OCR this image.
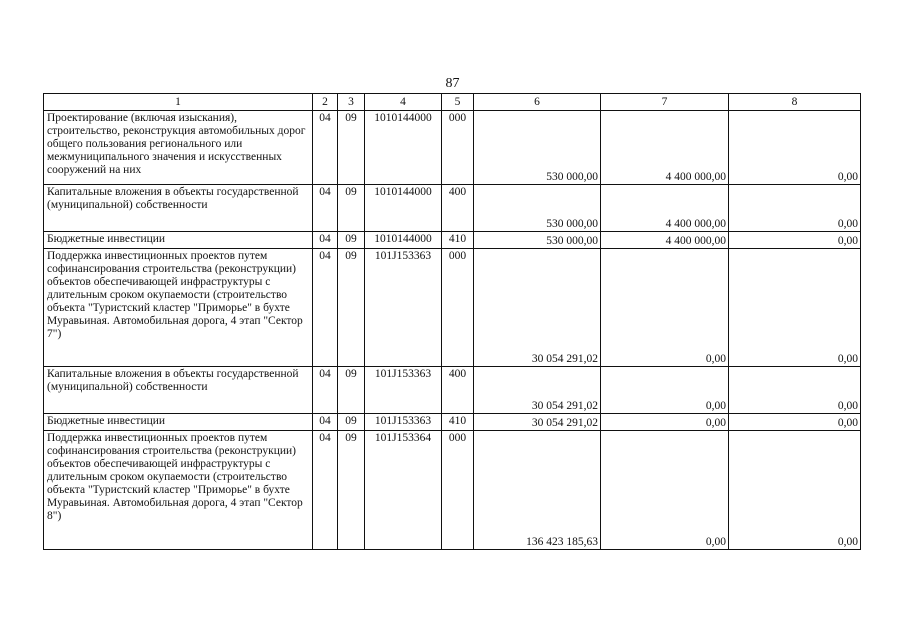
87
1	2	3	4	5	6	7	8
Проектирование (включая изыскания), строительство, реконструкция автомобильных дорог общего пользования регионального или межмуниципального значения и искусственных сооружений на них	04	09	1010144000	000	530 000,00	4 400 000,00	0,00
Капитальные вложения в объекты государственной (муниципальной) собственности	04	09	1010144000	400	530 000,00	4 400 000,00	0,00
Бюджетные инвестиции	04	09	1010144000	410	530 000,00	4 400 000,00	0,00
Поддержка инвестиционных проектов путем софинансирования строительства (реконструкции) объектов обеспечивающей инфраструктуры с длительным сроком окупаемости (строительство объекта "Туристский кластер "Приморье" в бухте Муравьиная. Автомобильная дорога, 4 этап "Сектор 7")	04	09	101J153363	000	30 054 291,02	0,00	0,00
Капитальные вложения в объекты государственной (муниципальной) собственности	04	09	101J153363	400	30 054 291,02	0,00	0,00
Бюджетные инвестиции	04	09	101J153363	410	30 054 291,02	0,00	0,00
Поддержка инвестиционных проектов путем софинансирования строительства (реконструкции) объектов обеспечивающей инфраструктуры с длительным сроком окупаемости (строительство объекта "Туристский кластер "Приморье" в бухте Муравьиная. Автомобильная дорога, 4 этап "Сектор 8")	04	09	101J153364	000	136 423 185,63	0,00	0,00
